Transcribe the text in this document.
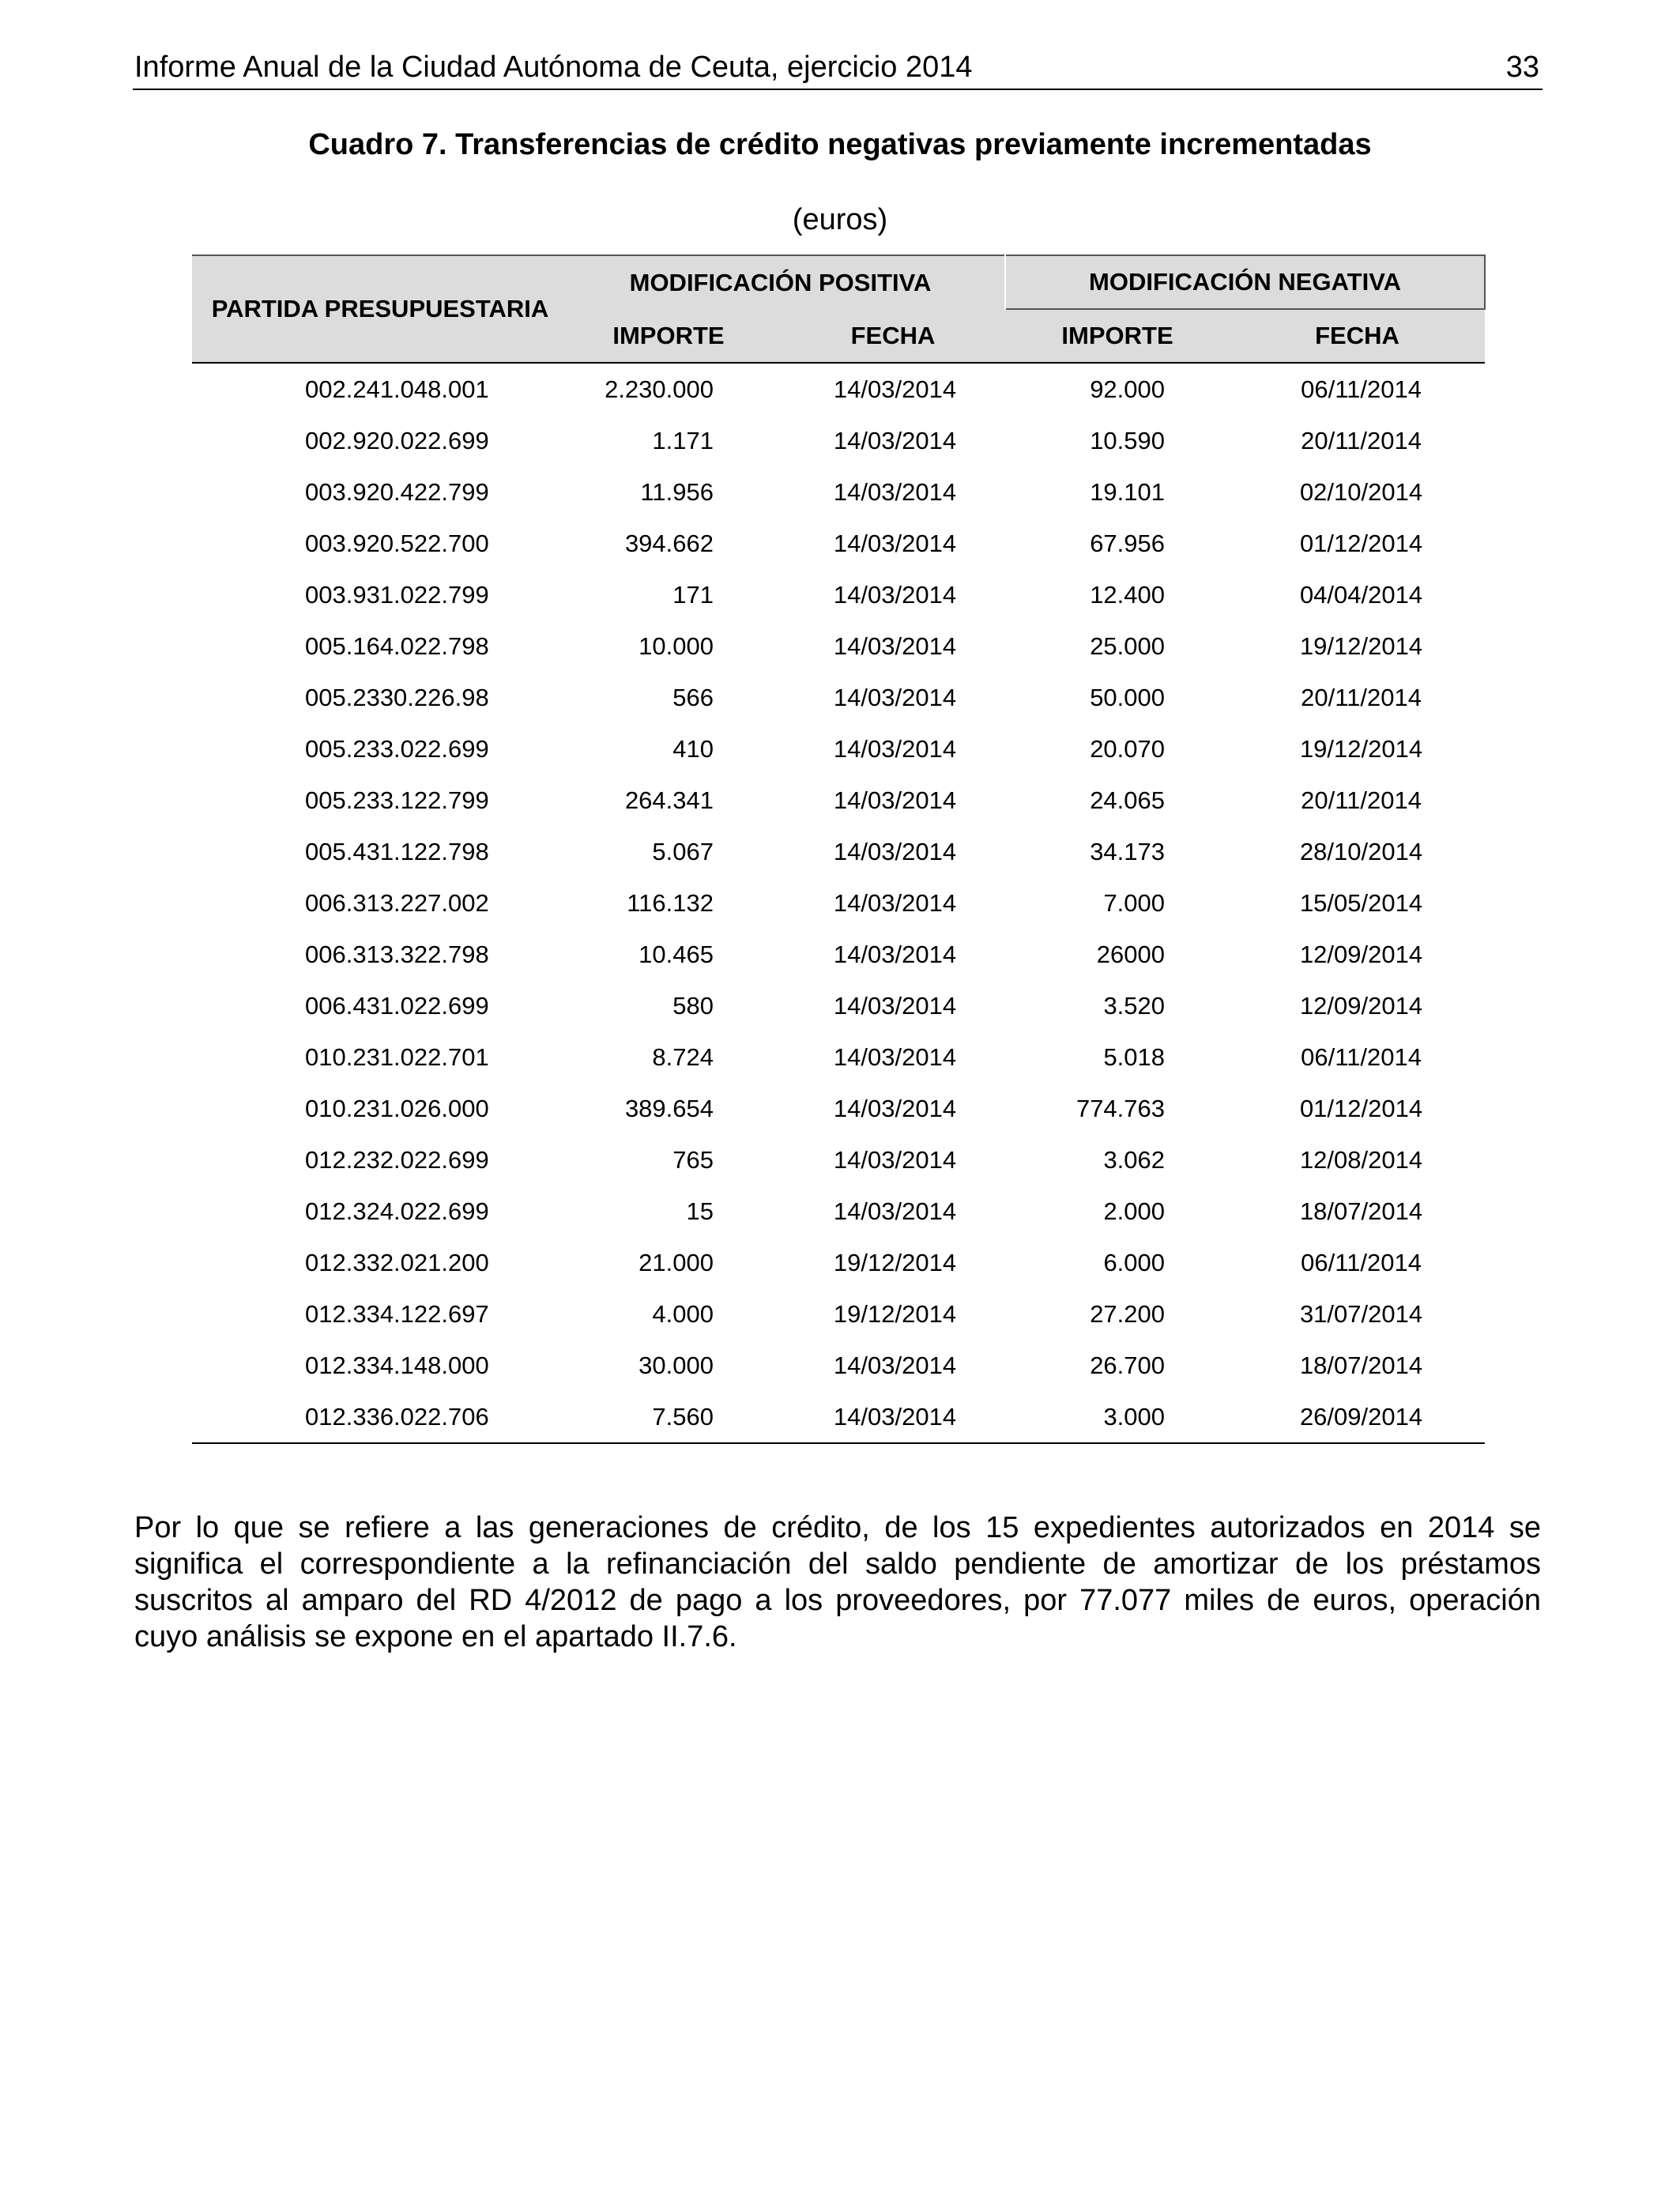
Informe Anual de la Ciudad Autónoma de Ceuta, ejercicio 2014	33
Cuadro 7. Transferencias de crédito negativas previamente incrementadas
(euros)
PARTIDA PRESUPUESTARIA	MODIFICACIÓN POSITIVA		MODIFICACIÓN NEGATIVA	
	IMPORTE	FECHA	IMPORTE	FECHA
002.241.048.001	2.230.000	14/03/2014	92.000	06/11/2014
002.920.022.699	1.171	14/03/2014	10.590	20/11/2014
003.920.422.799	11.956	14/03/2014	19.101	02/10/2014
003.920.522.700	394.662	14/03/2014	67.956	01/12/2014
003.931.022.799	171	14/03/2014	12.400	04/04/2014
005.164.022.798	10.000	14/03/2014	25.000	19/12/2014
005.2330.226.98	566	14/03/2014	50.000	20/11/2014
005.233.022.699	410	14/03/2014	20.070	19/12/2014
005.233.122.799	264.341	14/03/2014	24.065	20/11/2014
005.431.122.798	5.067	14/03/2014	34.173	28/10/2014
006.313.227.002	116.132	14/03/2014	7.000	15/05/2014
006.313.322.798	10.465	14/03/2014	26000	12/09/2014
006.431.022.699	580	14/03/2014	3.520	12/09/2014
010.231.022.701	8.724	14/03/2014	5.018	06/11/2014
010.231.026.000	389.654	14/03/2014	774.763	01/12/2014
012.232.022.699	765	14/03/2014	3.062	12/08/2014
012.324.022.699	15	14/03/2014	2.000	18/07/2014
012.332.021.200	21.000	19/12/2014	6.000	06/11/2014
012.334.122.697	4.000	19/12/2014	27.200	31/07/2014
012.334.148.000	30.000	14/03/2014	26.700	18/07/2014
012.336.022.706	7.560	14/03/2014	3.000	26/09/2014
Por lo que se refiere a las generaciones de crédito, de los 15 expedientes autorizados en 2014 se significa el correspondiente a la refinanciación del saldo pendiente de amortizar de los préstamos suscritos al amparo del RD 4/2012 de pago a los proveedores, por 77.077 miles de euros, operación cuyo análisis se expone en el apartado II.7.6.
